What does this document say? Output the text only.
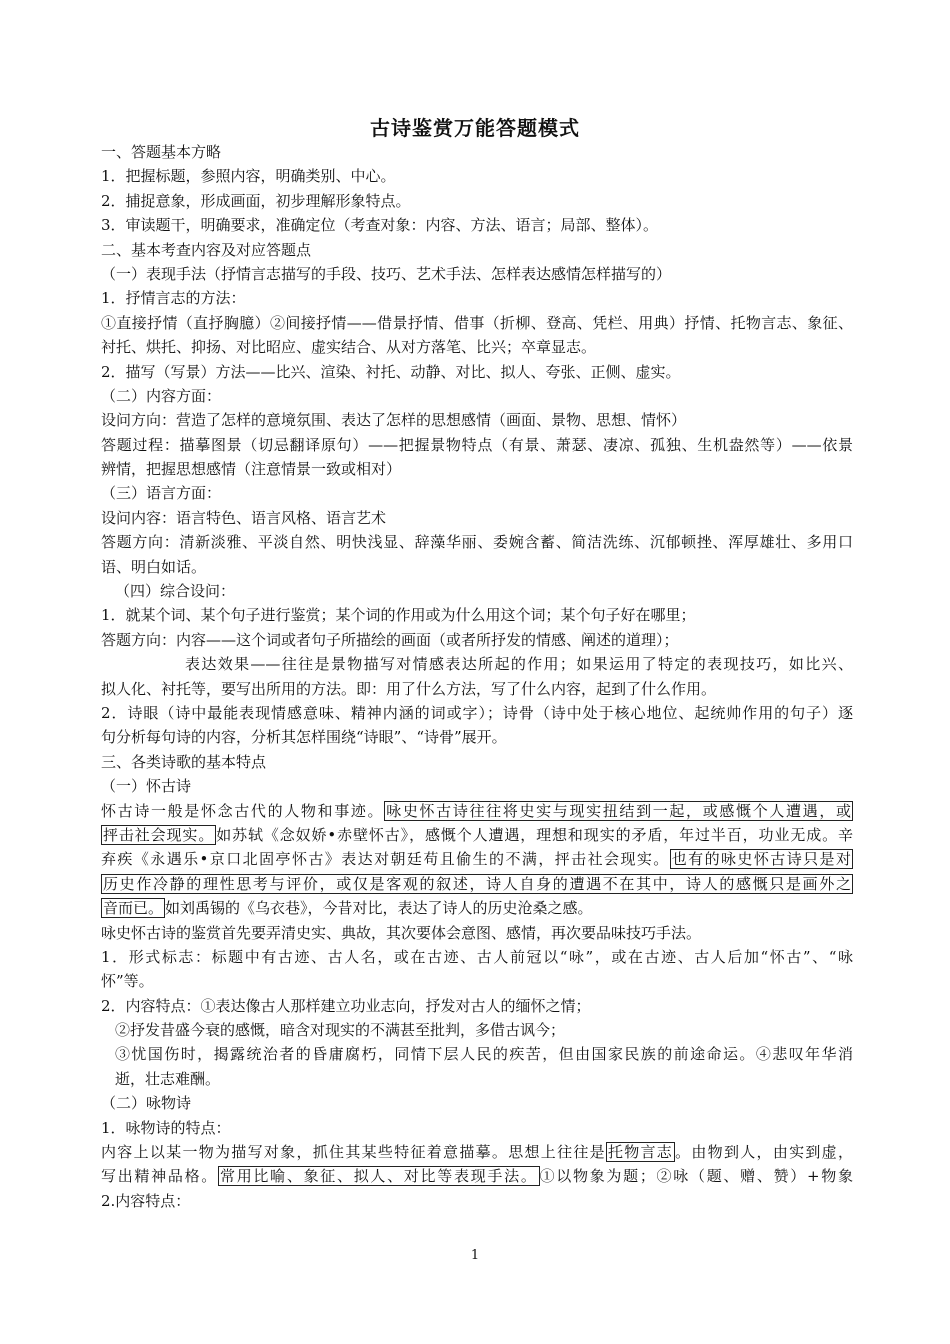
古诗鉴赏万能答题模式
一、答题基本方略
1．把握标题，参照内容，明确类别、中心。
2．捕捉意象，形成画面，初步理解形象特点。
3．审读题干，明确要求，准确定位（考查对象：内容、方法、语言；局部、整体）。
二、基本考查内容及对应答题点
（一）表现手法（抒情言志描写的手段、技巧、艺术手法、怎样表达感情怎样描写的）
1．抒情言志的方法：
①直接抒情（直抒胸臆）②间接抒情——借景抒情、借事（折柳、登高、凭栏、用典）抒情、托物言志、象征、
衬托、烘托、抑扬、对比昭应、虚实结合、从对方落笔、比兴；卒章显志。
2．描写（写景）方法——比兴、渲染、衬托、动静、对比、拟人、夸张、正侧、虚实。
（二）内容方面：
设问方向：营造了怎样的意境氛围、表达了怎样的思想感情（画面、景物、思想、情怀）
答题过程：描摹图景（切忌翻译原句）——把握景物特点（有景、萧瑟、凄凉、孤独、生机盎然等）——依景
辨情，把握思想感情（注意情景一致或相对）
（三）语言方面：
设问内容：语言特色、语言风格、语言艺术
答题方向：清新淡雅、平淡自然、明快浅显、辞藻华丽、委婉含蓄、简洁洗练、沉郁顿挫、浑厚雄壮、多用口
语、明白如话。
（四）综合设问：
1．就某个词、某个句子进行鉴赏；某个词的作用或为什么用这个词；某个句子好在哪里；
答题方向：内容——这个词或者句子所描绘的画面（或者所抒发的情感、阐述的道理）；
表达效果——往往是景物描写对情感表达所起的作用；如果运用了特定的表现技巧，如比兴、
拟人化、衬托等，要写出所用的方法。即：用了什么方法，写了什么内容，起到了什么作用。
2．诗眼（诗中最能表现情感意味、精神内涵的词或字）；诗骨（诗中处于核心地位、起统帅作用的句子）逐
句分析每句诗的内容，分析其怎样围绕“诗眼”、“诗骨”展开。
三、各类诗歌的基本特点
（一）怀古诗
怀古诗一般是怀念古代的人物和事迹。 咏史怀古诗往往将史实与现实扭结到一起，或感慨个人遭遇，或
抨击社会现实。 如苏轼《念奴娇•赤壁怀古》，感慨个人遭遇，理想和现实的矛盾，年过半百，功业无成。辛
弃疾《永遇乐•京口北固亭怀古》表达对朝廷苟且偷生的不满，抨击社会现实。 也有的咏史怀古诗只是对
历史作冷静的理性思考与评价，或仅是客观的叙述，诗人自身的遭遇不在其中，诗人的感慨只是画外之
音而已。 如刘禹锡的《乌衣巷》，今昔对比，表达了诗人的历史沧桑之感。
咏史怀古诗的鉴赏首先要弄清史实、典故，其次要体会意图、感情，再次要品味技巧手法。
1．形式标志：标题中有古迹、古人名，或在古迹、古人前冠以“咏”，或在古迹、古人后加“怀古”、“咏
怀”等。
2．内容特点：①表达像古人那样建立功业志向，抒发对古人的缅怀之情；
②抒发昔盛今衰的感慨，暗含对现实的不满甚至批判，多借古讽今；
③忧国伤时，揭露统治者的昏庸腐朽，同情下层人民的疾苦，但由国家民族的前途命运。④悲叹年华消
逝，壮志难酬。
（二）咏物诗
1．咏物诗的特点：
内容上以某一物为描写对象，抓住其某些特征着意描摹。思想上往往是 托物言志 。由物到人，由实到虚，
写出精神品格。 常用比喻、象征、拟人、对比等表现手法。 ①以物象为题；②咏（题、赠、赞）+物象
2.内容特点：
1
